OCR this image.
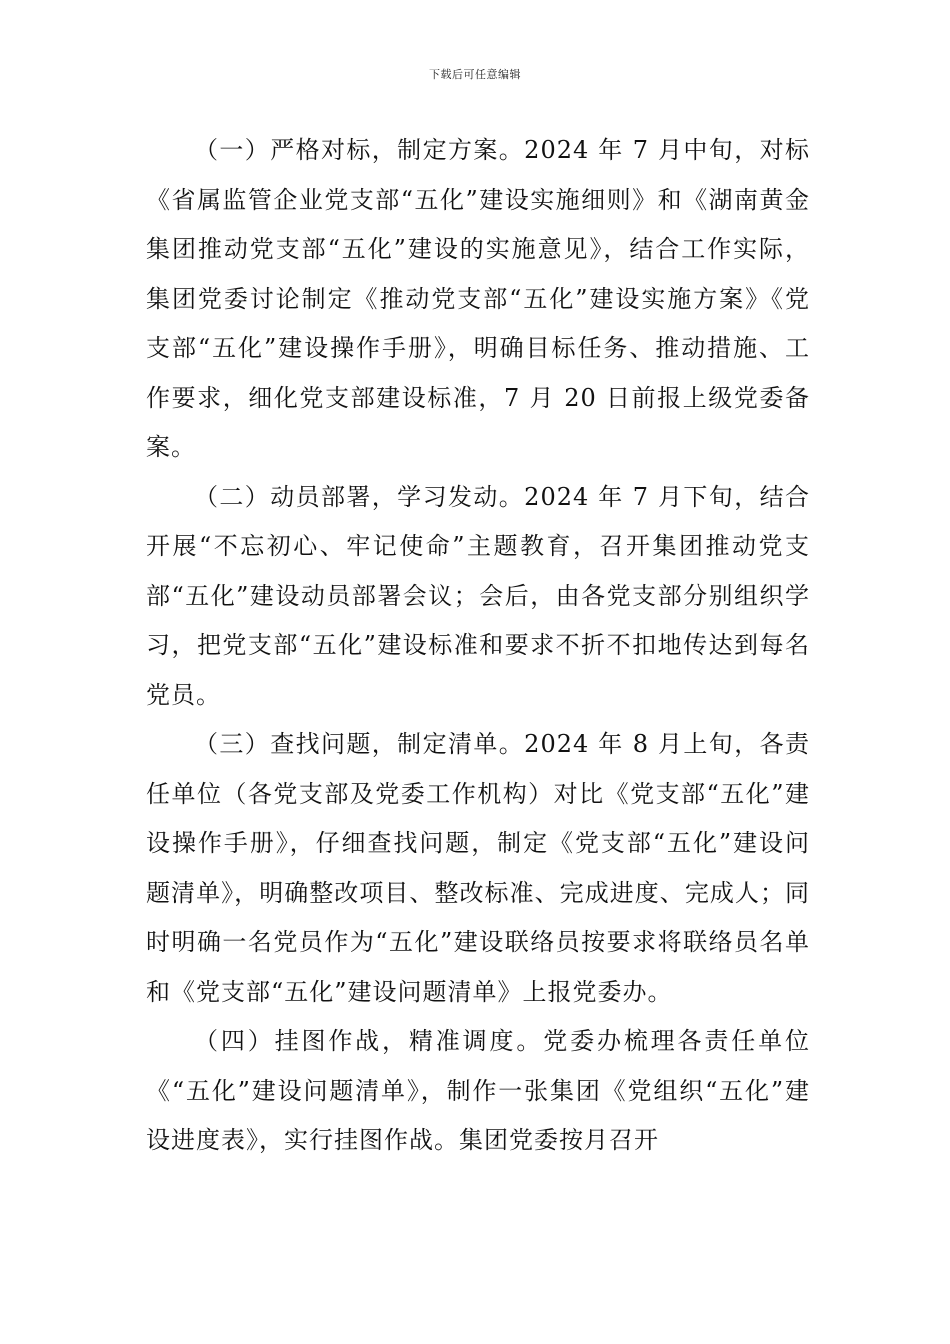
下载后可任意编辑

（一）严格对标，制定方案。2024 年 7 月中旬，对标《省属监管企业党支部“五化”建设实施细则》和《湖南黄金集团推动党支部“五化”建设的实施意见》，结合工作实际，集团党委讨论制定《推动党支部“五化”建设实施方案》《党支部“五化”建设操作手册》，明确目标任务、推动措施、工作要求，细化党支部建设标准，7 月 20 日前报上级党委备案。

（二）动员部署，学习发动。2024 年 7 月下旬，结合开展“不忘初心、牢记使命”主题教育，召开集团推动党支部“五化”建设动员部署会议；会后，由各党支部分别组织学习，把党支部“五化”建设标准和要求不折不扣地传达到每名党员。

（三）查找问题，制定清单。2024 年 8 月上旬，各责任单位（各党支部及党委工作机构）对比《党支部“五化”建设操作手册》，仔细查找问题，制定《党支部“五化”建设问题清单》，明确整改项目、整改标准、完成进度、完成人；同时明确一名党员作为“五化”建设联络员按要求将联络员名单和《党支部“五化”建设问题清单》上报党委办。

（四）挂图作战，精准调度。党委办梳理各责任单位《“五化”建设问题清单》，制作一张集团《党组织“五化”建设进度表》，实行挂图作战。集团党委按月召开
